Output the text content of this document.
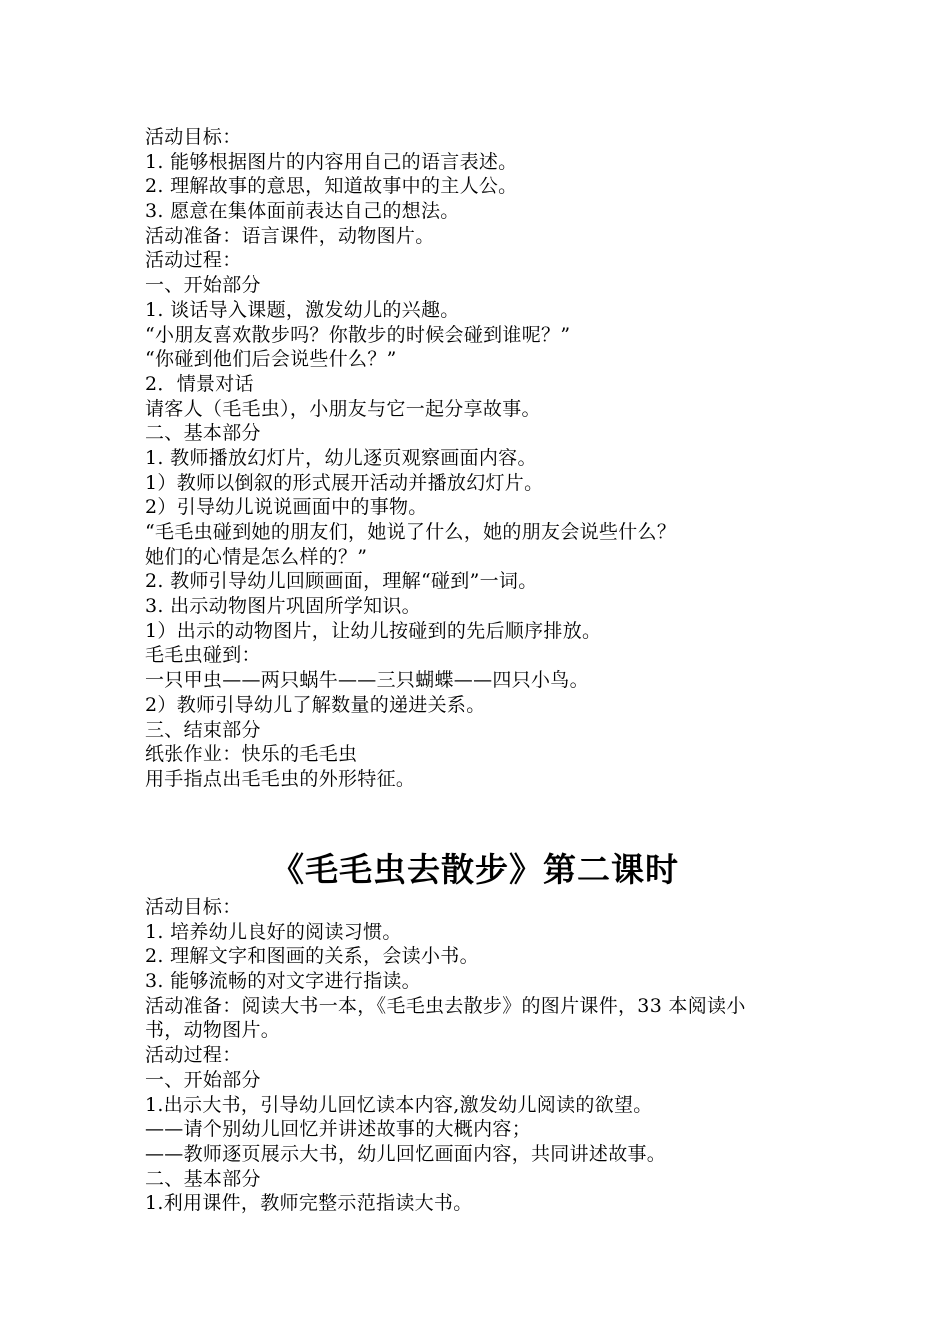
活动目标：
1. 能够根据图片的内容用自己的语言表述。
2. 理解故事的意思，知道故事中的主人公。
3. 愿意在集体面前表达自己的想法。
活动准备：语言课件，动物图片。
活动过程：
一、开始部分
1. 谈话导入课题，激发幼儿的兴趣。
“小朋友喜欢散步吗？你散步的时候会碰到谁呢？”
“你碰到他们后会说些什么？”
2．情景对话
请客人（毛毛虫），小朋友与它一起分享故事。
二、基本部分
1. 教师播放幻灯片，幼儿逐页观察画面内容。
1）教师以倒叙的形式展开活动并播放幻灯片。
2）引导幼儿说说画面中的事物。
“毛毛虫碰到她的朋友们，她说了什么，她的朋友会说些什么？
她们的心情是怎么样的？”
2. 教师引导幼儿回顾画面，理解“碰到”一词。
3. 出示动物图片巩固所学知识。
1）出示的动物图片，让幼儿按碰到的先后顺序排放。
毛毛虫碰到：
一只甲虫——两只蜗牛——三只蝴蝶——四只小鸟。
2）教师引导幼儿了解数量的递进关系。
三、结束部分
纸张作业：快乐的毛毛虫
用手指点出毛毛虫的外形特征。
《毛毛虫去散步》第二课时
活动目标：
1. 培养幼儿良好的阅读习惯。
2. 理解文字和图画的关系，会读小书。
3. 能够流畅的对文字进行指读。
活动准备：阅读大书一本，《毛毛虫去散步》的图片课件，33 本阅读小
书，动物图片。
活动过程：
一、开始部分
1.出示大书，引导幼儿回忆读本内容,激发幼儿阅读的欲望。
——请个别幼儿回忆并讲述故事的大概内容；
——教师逐页展示大书，幼儿回忆画面内容，共同讲述故事。
二、基本部分
1.利用课件，教师完整示范指读大书。
